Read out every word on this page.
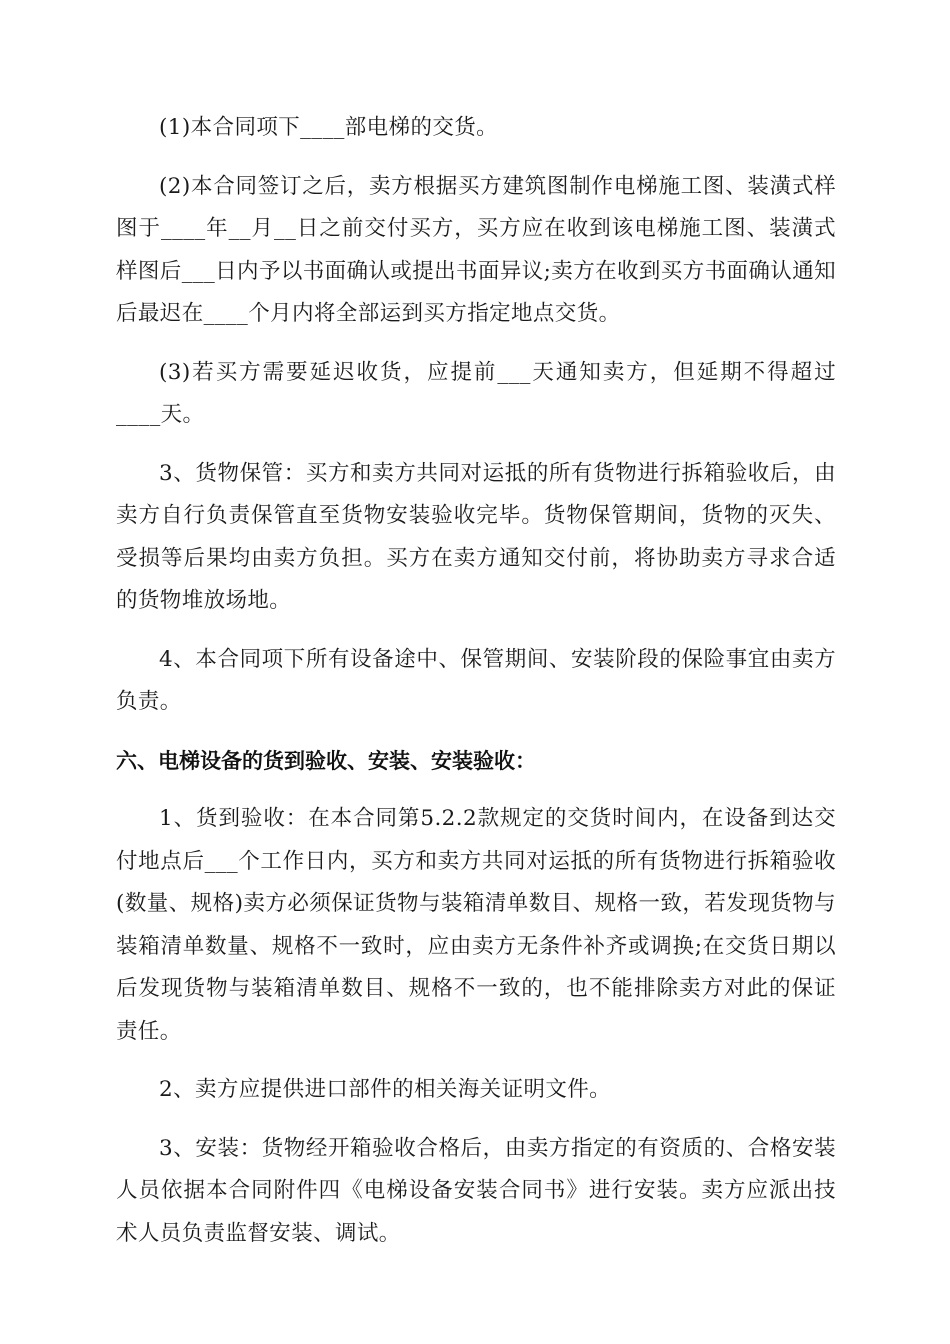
(1)本合同项下____部电梯的交货。

(2)本合同签订之后，卖方根据买方建筑图制作电梯施工图、装潢式样图于____年__月__日之前交付买方，买方应在收到该电梯施工图、装潢式样图后___日内予以书面确认或提出书面异议;卖方在收到买方书面确认通知后最迟在____个月内将全部运到买方指定地点交货。

(3)若买方需要延迟收货，应提前___天通知卖方，但延期不得超过____天。

3、货物保管：买方和卖方共同对运抵的所有货物进行拆箱验收后，由卖方自行负责保管直至货物安装验收完毕。货物保管期间，货物的灭失、受损等后果均由卖方负担。买方在卖方通知交付前，将协助卖方寻求合适的货物堆放场地。

4、本合同项下所有设备途中、保管期间、安装阶段的保险事宜由卖方负责。

六、电梯设备的货到验收、安装、安装验收：

1、货到验收：在本合同第5.2.2款规定的交货时间内，在设备到达交付地点后___个工作日内，买方和卖方共同对运抵的所有货物进行拆箱验收(数量、规格)卖方必须保证货物与装箱清单数目、规格一致，若发现货物与装箱清单数量、规格不一致时，应由卖方无条件补齐或调换;在交货日期以后发现货物与装箱清单数目、规格不一致的，也不能排除卖方对此的保证责任。

2、卖方应提供进口部件的相关海关证明文件。

3、安装：货物经开箱验收合格后，由卖方指定的有资质的、合格安装人员依据本合同附件四《电梯设备安装合同书》进行安装。卖方应派出技术人员负责监督安装、调试。
